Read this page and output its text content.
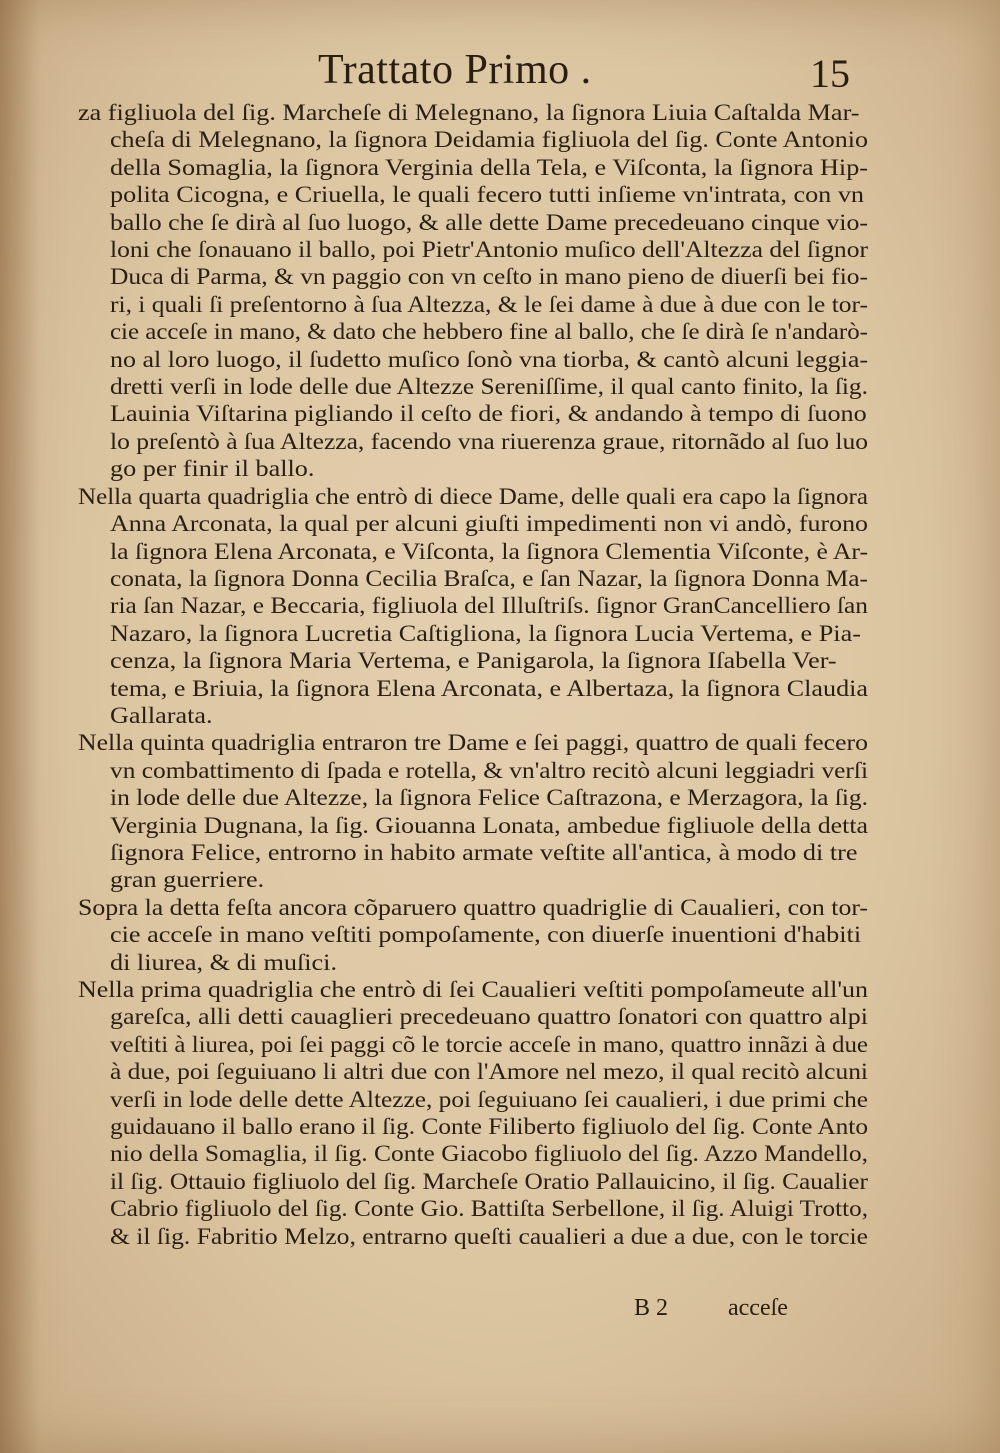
Trattato Primo .	15
za figliuola del ſig. Marcheſe di Melegnano, la ſignora Liuia Caſtalda Mar-
cheſa di Melegnano, la ſignora Deidamia figliuola del ſig. Conte Antonio
della Somaglia, la ſignora Verginia della Tela, e Viſconta, la ſignora Hip-
polita Cicogna, e Criuella, le quali fecero tutti inſieme vn'intrata, con vn
ballo che ſe dirà al ſuo luogo, & alle dette Dame precedeuano cinque vio-
loni che ſonauano il ballo, poi Pietr'Antonio muſico dell'Altezza del ſignor
Duca di Parma, & vn paggio con vn ceſto in mano pieno de diuerſi bei fio-
ri, i quali ſi preſentorno à ſua Altezza, & le ſei dame à due à due con le tor-
cie acceſe in mano, & dato che hebbero fine al ballo, che ſe dirà ſe n'andarò-
no al loro luogo, il ſudetto muſico ſonò vna tiorba, & cantò alcuni leggia-
dretti verſi in lode delle due Altezze Sereniſſime, il qual canto finito, la ſig.
Lauinia Viſtarina pigliando il ceſto de fiori, & andando à tempo di ſuono
lo preſentò à ſua Altezza, facendo vna riuerenza graue, ritornãdo al ſuo luo
go per finir il ballo.
Nella quarta quadriglia che entrò di diece Dame, delle quali era capo la ſignora
Anna Arconata, la qual per alcuni giuſti impedimenti non vi andò, furono
la ſignora Elena Arconata, e Viſconta, la ſignora Clementia Viſconte, è Ar-
conata, la ſignora Donna Cecilia Braſca, e ſan Nazar, la ſignora Donna Ma-
ria ſan Nazar, e Beccaria, figliuola del Illuſtriſs. ſignor GranCancelliero ſan
Nazaro, la ſignora Lucretia Caſtigliona, la ſignora Lucia Vertema, e Pia-
cenza, la ſignora Maria Vertema, e Panigarola, la ſignora Iſabella Ver-
tema, e Briuia, la ſignora Elena Arconata, e Albertaza, la ſignora Claudia
Gallarata.
Nella quinta quadriglia entraron tre Dame e ſei paggi, quattro de quali fecero
vn combattimento di ſpada e rotella, & vn'altro recitò alcuni leggiadri verſi
in lode delle due Altezze, la ſignora Felice Caſtrazona, e Merzagora, la ſig.
Verginia Dugnana, la ſig. Giouanna Lonata, ambedue figliuole della detta
ſignora Felice, entrorno in habito armate veſtite all'antica, à modo di tre
gran guerriere.
Sopra la detta feſta ancora cõparuero quattro quadriglie di Caualieri, con tor-
cie acceſe in mano veſtiti pompoſamente, con diuerſe inuentioni d'habiti
di liurea, & di muſici.
Nella prima quadriglia che entrò di ſei Caualieri veſtiti pompoſameute all'un
gareſca, alli detti cauaglieri precedeuano quattro ſonatori con quattro alpi
veſtiti à liurea, poi ſei paggi cõ le torcie acceſe in mano, quattro innãzi à due
à due, poi ſeguiuano li altri due con l'Amore nel mezo, il qual recitò alcuni
verſi in lode delle dette Altezze, poi ſeguiuano ſei caualieri, i due primi che
guidauano il ballo erano il ſig. Conte Filiberto figliuolo del ſig. Conte Anto
nio della Somaglia, il ſig. Conte Giacobo figliuolo del ſig. Azzo Mandello,
il ſig. Ottauio figliuolo del ſig. Marcheſe Oratio Pallauicino, il ſig. Caualier
Cabrio figliuolo del ſig. Conte Gio. Battiſta Serbellone, il ſig. Aluigi Trotto,
& il ſig. Fabritio Melzo, entrarno queſti caualieri a due a due, con le torcie
B 2 acceſe
